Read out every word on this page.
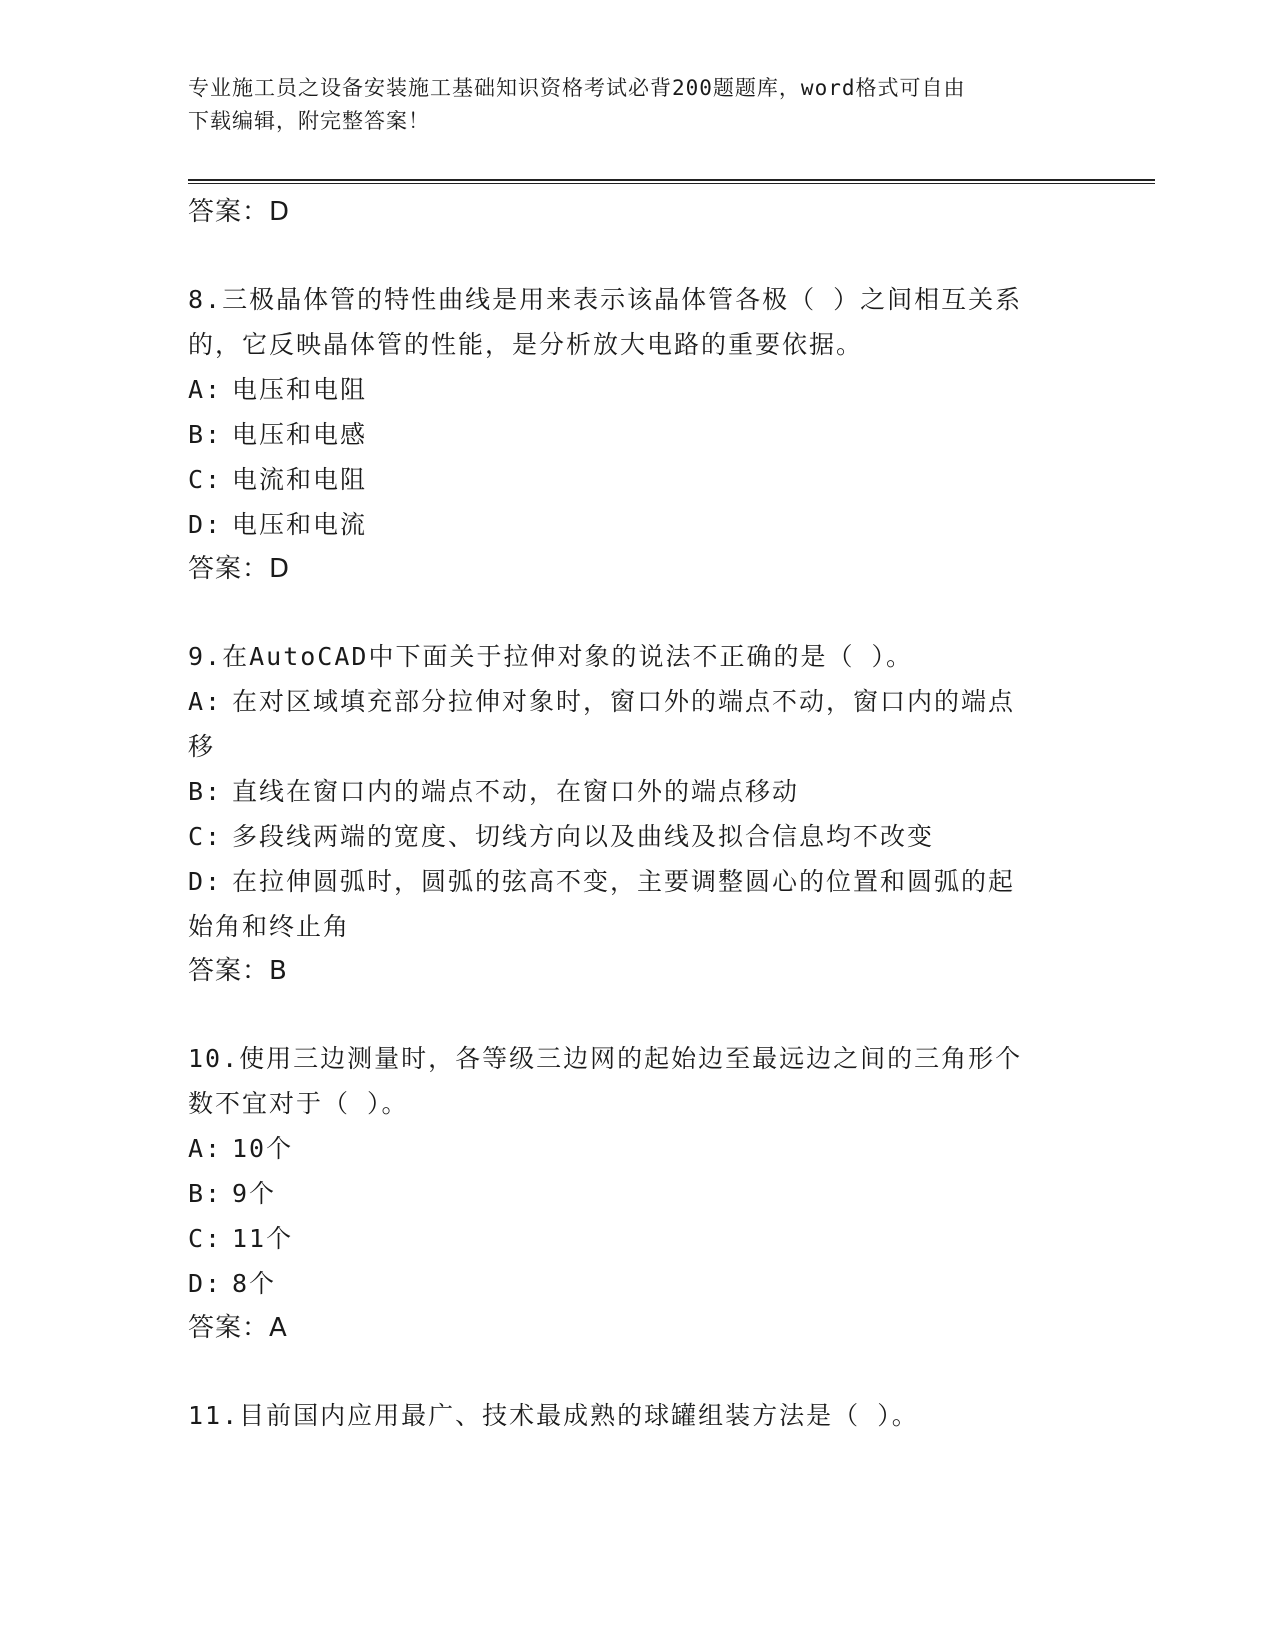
专业施工员之设备安装施工基础知识资格考试必背200题题库，word格式可自由
下载编辑，附完整答案！
答案：D
8.三极晶体管的特性曲线是用来表示该晶体管各极（ ）之间相互关系
的，它反映晶体管的性能，是分析放大电路的重要依据。
A: 电压和电阻
B: 电压和电感
C: 电流和电阻
D: 电压和电流
答案：D
9.在AutoCAD中下面关于拉伸对象的说法不正确的是（ ）。
A: 在对区域填充部分拉伸对象时，窗口外的端点不动，窗口内的端点
移
B: 直线在窗口内的端点不动，在窗口外的端点移动
C: 多段线两端的宽度、切线方向以及曲线及拟合信息均不改变
D: 在拉伸圆弧时，圆弧的弦高不变，主要调整圆心的位置和圆弧的起
始角和终止角
答案：B
10.使用三边测量时，各等级三边网的起始边至最远边之间的三角形个
数不宜对于（ ）。
A: 10个
B: 9个
C: 11个
D: 8个
答案：A
11.目前国内应用最广、技术最成熟的球罐组装方法是（ ）。
